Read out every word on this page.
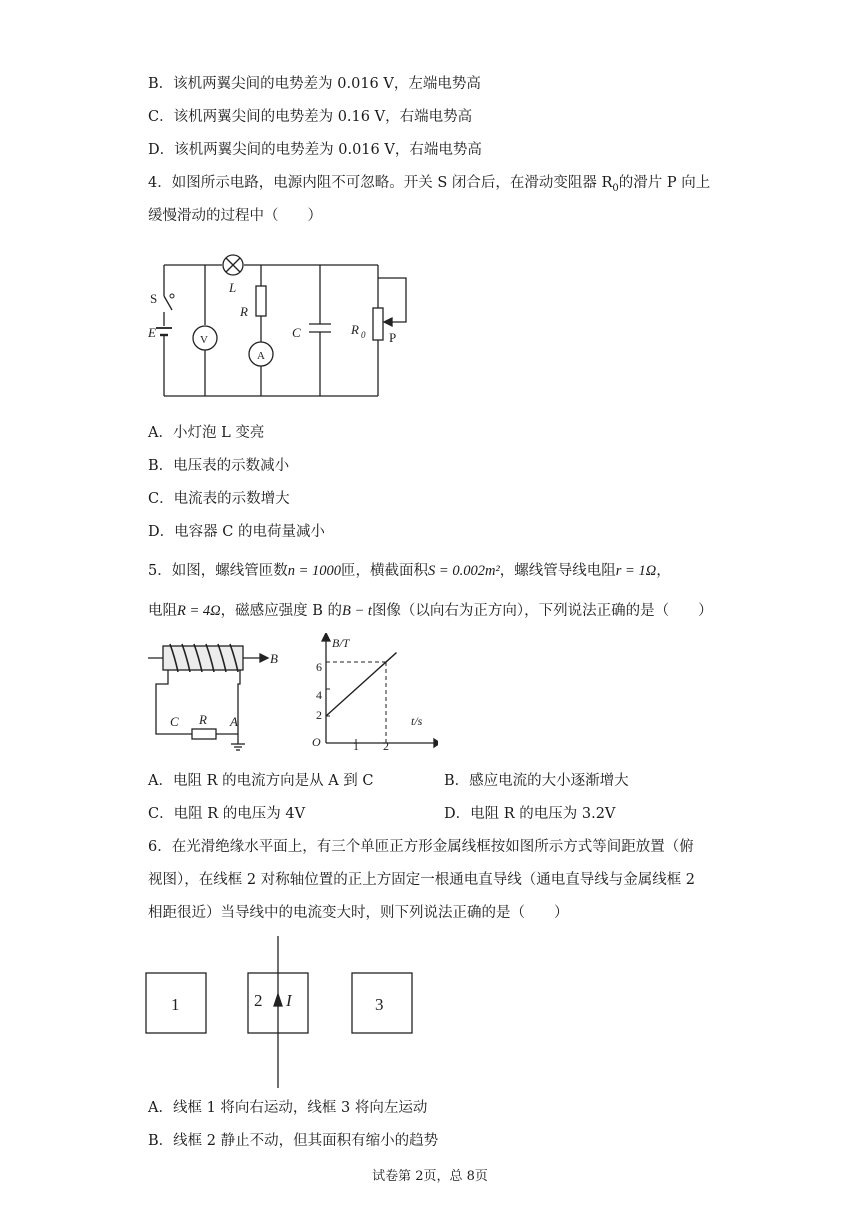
B．该机两翼尖间的电势差为 0.016 V，左端电势高
C．该机两翼尖间的电势差为 0.16 V，右端电势高
D．该机两翼尖间的电势差为 0.016 V，右端电势高
4．如图所示电路，电源内阻不可忽略。开关 S 闭合后，在滑动变阻器 $R_0$的滑片 P 向上
缓慢滑动的过程中（　　）
S
E	V
L
R
A
C	R 0 P
A．小灯泡 L 变亮
B．电压表的示数减小
C．电流表的示数增大
D．电容器 C 的电荷量减小
5．如图，螺线管匝数n = 1000匝，横截面积S = 0.002m²，螺线管导线电阻r = 1Ω，
电阻R = 4Ω，磁感应强度 B 的B − t图像（以向右为正方向），下列说法正确的是（　　）
B
C R A
B/T
t/s
O
6
4
2
1 2
A．电阻 R 的电流方向是从 A 到 C	B．感应电流的大小逐渐增大
C．电阻 R 的电压为 4V	D．电阻 R 的电压为 3.2V
6．在光滑绝缘水平面上，有三个单匝正方形金属线框按如图所示方式等间距放置（俯
视图），在线框 2 对称轴位置的正上方固定一根通电直导线（通电直导线与金属线框 2
相距很近）当导线中的电流变大时，则下列说法正确的是（　　）
1	2 I	3
A．线框 1 将向右运动，线框 3 将向左运动
B．线框 2 静止不动，但其面积有缩小的趋势
试卷第 2页，总 8页
